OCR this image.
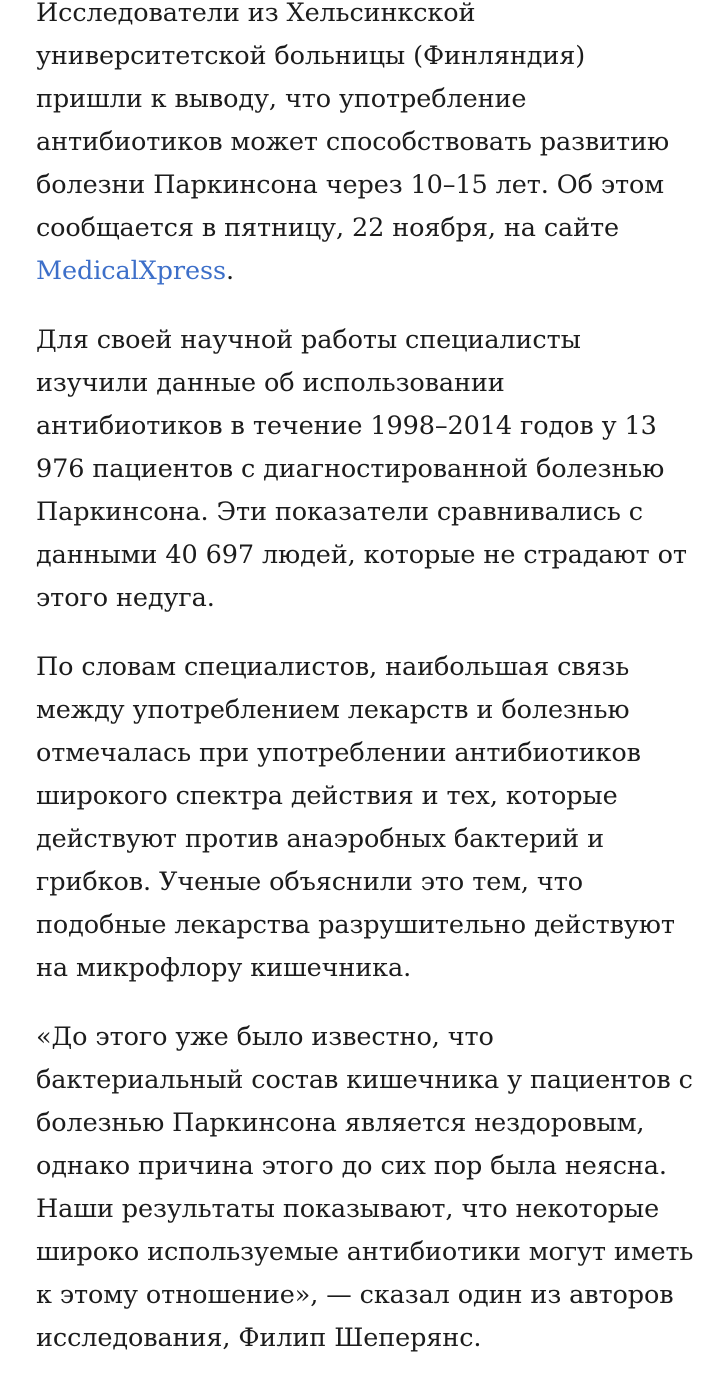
Исследователи из Хельсинкской университетской больницы (Финляндия) пришли к выводу, что употребление антибиотиков может способствовать развитию болезни Паркинсона через 10–15 лет. Об этом сообщается в пятницу, 22 ноября, на сайте MedicalXpress.

Для своей научной работы специалисты изучили данные об использовании антибиотиков в течение 1998–2014 годов у 13 976 пациентов с диагностированной болезнью Паркинсона. Эти показатели сравнивались с данными 40 697 людей, которые не страдают от этого недуга.

По словам специалистов, наибольшая связь между употреблением лекарств и болезнью отмечалась при употреблении антибиотиков широкого спектра действия и тех, которые действуют против анаэробных бактерий и грибков. Ученые объяснили это тем, что подобные лекарства разрушительно действуют на микрофлору кишечника.

«До этого уже было известно, что бактериальный состав кишечника у пациентов с болезнью Паркинсона является нездоровым, однако причина этого до сих пор была неясна. Наши результаты показывают, что некоторые широко используемые антибиотики могут иметь к этому отношение», — сказал один из авторов исследования, Филип Шеперянс.
